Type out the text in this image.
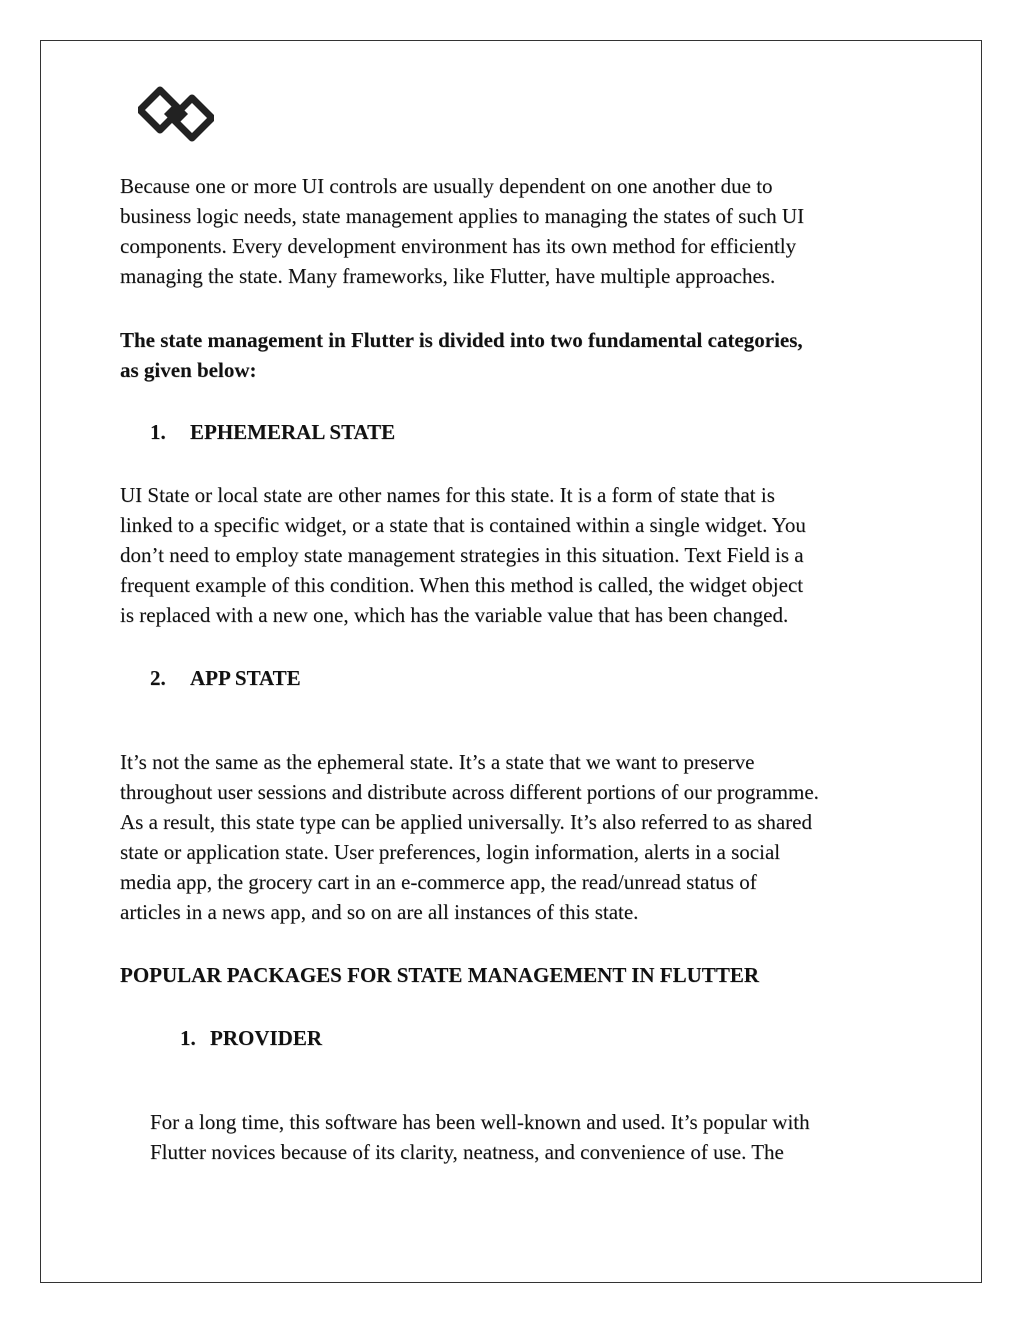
Because one or more UI controls are usually dependent on one another due to
business logic needs, state management applies to managing the states of such UI
components. Every development environment has its own method for efficiently
managing the state. Many frameworks, like Flutter, have multiple approaches.
The state management in Flutter is divided into two fundamental categories,
as given below:
1. EPHEMERAL STATE
UI State or local state are other names for this state. It is a form of state that is
linked to a specific widget, or a state that is contained within a single widget. You
don’t need to employ state management strategies in this situation. Text Field is a
frequent example of this condition. When this method is called, the widget object
is replaced with a new one, which has the variable value that has been changed.
2. APP STATE
It’s not the same as the ephemeral state. It’s a state that we want to preserve
throughout user sessions and distribute across different portions of our programme.
As a result, this state type can be applied universally. It’s also referred to as shared
state or application state. User preferences, login information, alerts in a social
media app, the grocery cart in an e-commerce app, the read/unread status of
articles in a news app, and so on are all instances of this state.
POPULAR PACKAGES FOR STATE MANAGEMENT IN FLUTTER
1. PROVIDER
For a long time, this software has been well-known and used. It’s popular with
Flutter novices because of its clarity, neatness, and convenience of use. The
